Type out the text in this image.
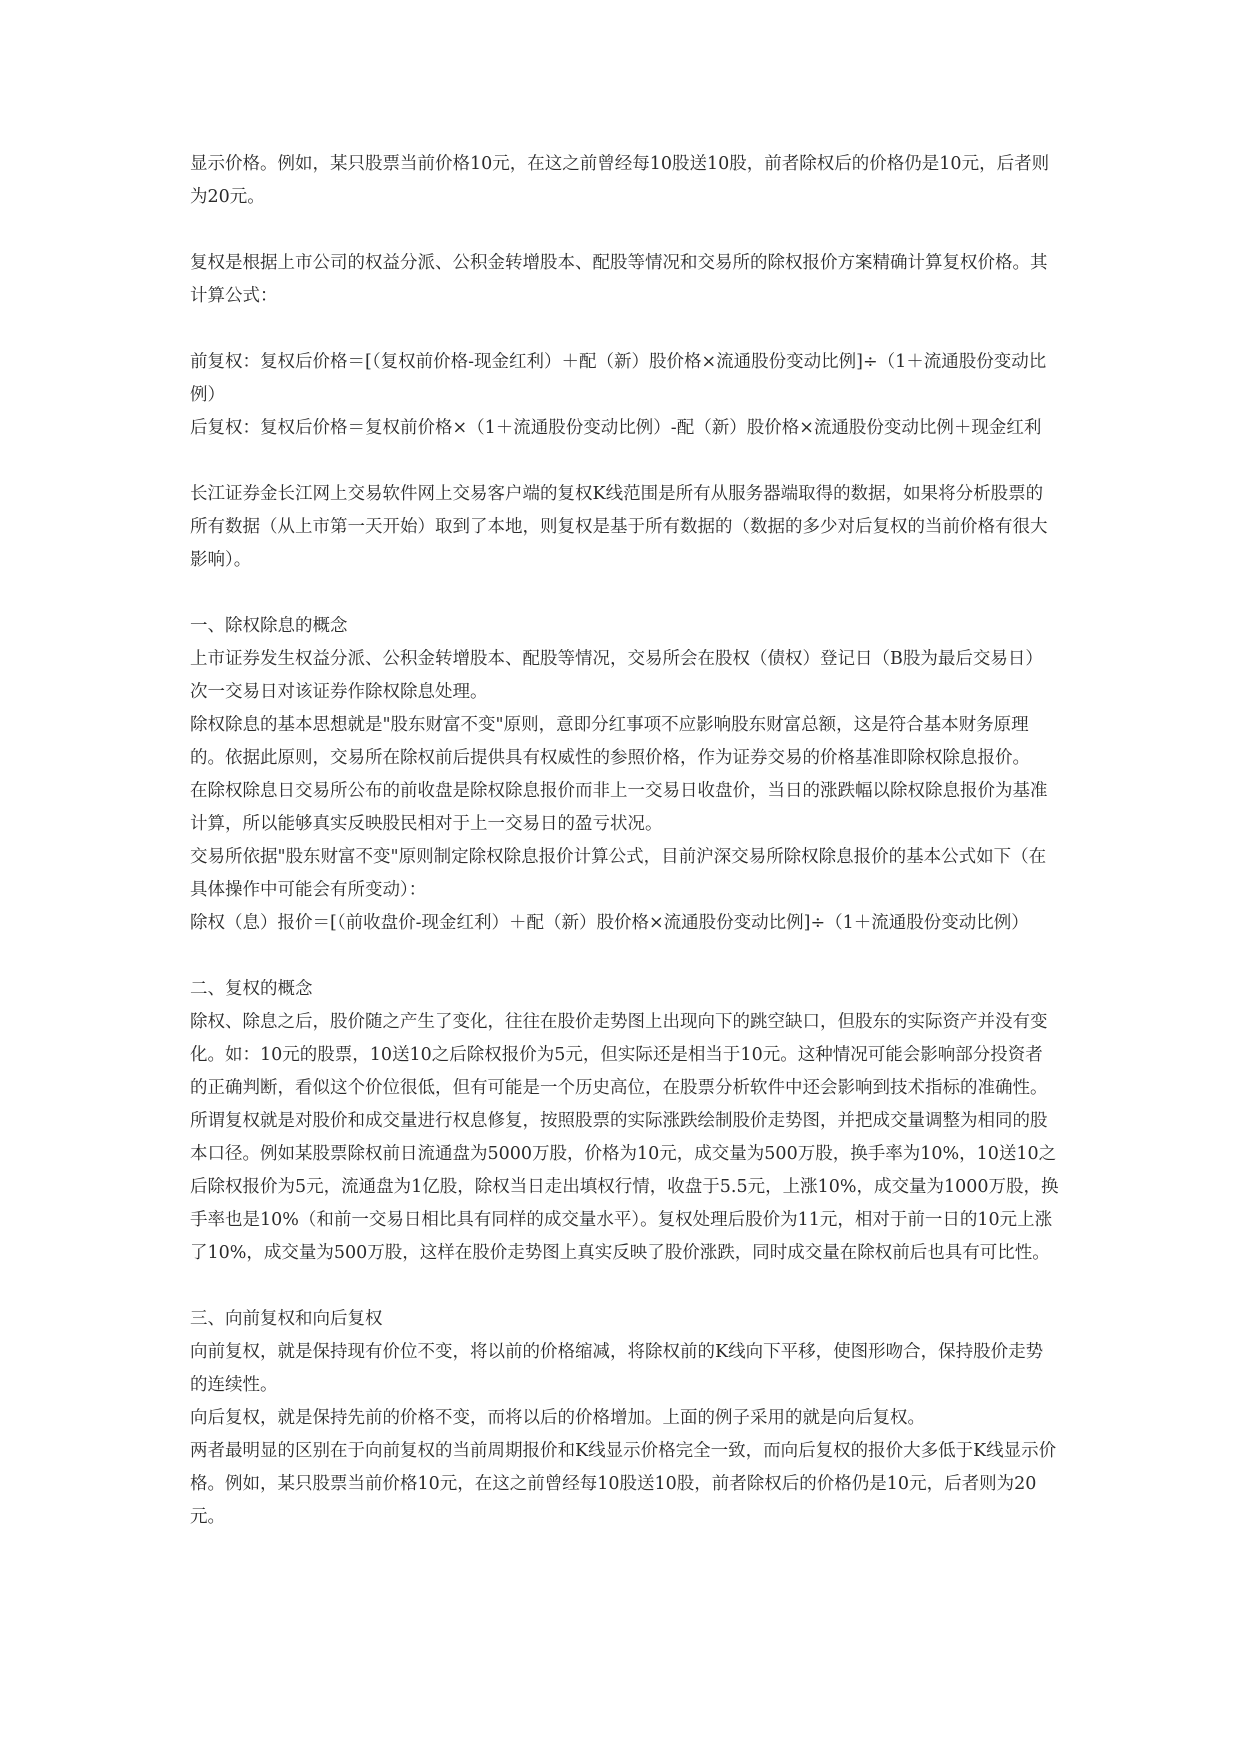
显示价格。例如，某只股票当前价格10元，在这之前曾经每10股送10股，前者除权后的价格仍是10元，后者则为20元。

复权是根据上市公司的权益分派、公积金转增股本、配股等情况和交易所的除权报价方案精确计算复权价格。其计算公式：

前复权：复权后价格＝[（复权前价格-现金红利）＋配（新）股价格×流通股份变动比例]÷（1＋流通股份变动比例）

后复权：复权后价格＝复权前价格×（1＋流通股份变动比例）-配（新）股价格×流通股份变动比例＋现金红利

长江证券金长江网上交易软件网上交易客户端的复权K线范围是所有从服务器端取得的数据，如果将分析股票的所有数据（从上市第一天开始）取到了本地，则复权是基于所有数据的（数据的多少对后复权的当前价格有很大影响）。

一、除权除息的概念

上市证券发生权益分派、公积金转增股本、配股等情况，交易所会在股权（债权）登记日（B股为最后交易日）次一交易日对该证券作除权除息处理。

除权除息的基本思想就是"股东财富不变"原则，意即分红事项不应影响股东财富总额，这是符合基本财务原理的。依据此原则，交易所在除权前后提供具有权威性的参照价格，作为证券交易的价格基准即除权除息报价。

在除权除息日交易所公布的前收盘是除权除息报价而非上一交易日收盘价，当日的涨跌幅以除权除息报价为基准计算，所以能够真实反映股民相对于上一交易日的盈亏状况。

交易所依据"股东财富不变"原则制定除权除息报价计算公式，目前沪深交易所除权除息报价的基本公式如下（在具体操作中可能会有所变动）：

除权（息）报价＝[（前收盘价-现金红利）＋配（新）股价格×流通股份变动比例]÷（1＋流通股份变动比例）

二、复权的概念

除权、除息之后，股价随之产生了变化，往往在股价走势图上出现向下的跳空缺口，但股东的实际资产并没有变化。如：10元的股票，10送10之后除权报价为5元，但实际还是相当于10元。这种情况可能会影响部分投资者的正确判断，看似这个价位很低，但有可能是一个历史高位，在股票分析软件中还会影响到技术指标的准确性。

所谓复权就是对股价和成交量进行权息修复，按照股票的实际涨跌绘制股价走势图，并把成交量调整为相同的股本口径。例如某股票除权前日流通盘为5000万股，价格为10元，成交量为500万股，换手率为10%，10送10之后除权报价为5元，流通盘为1亿股，除权当日走出填权行情，收盘于5.5元，上涨10%，成交量为1000万股，换手率也是10%（和前一交易日相比具有同样的成交量水平）。复权处理后股价为11元，相对于前一日的10元上涨了10%，成交量为500万股，这样在股价走势图上真实反映了股价涨跌，同时成交量在除权前后也具有可比性。

三、向前复权和向后复权

向前复权，就是保持现有价位不变，将以前的价格缩减，将除权前的K线向下平移，使图形吻合，保持股价走势的连续性。

向后复权，就是保持先前的价格不变，而将以后的价格增加。上面的例子采用的就是向后复权。

两者最明显的区别在于向前复权的当前周期报价和K线显示价格完全一致，而向后复权的报价大多低于K线显示价格。例如，某只股票当前价格10元，在这之前曾经每10股送10股，前者除权后的价格仍是10元，后者则为20元。
